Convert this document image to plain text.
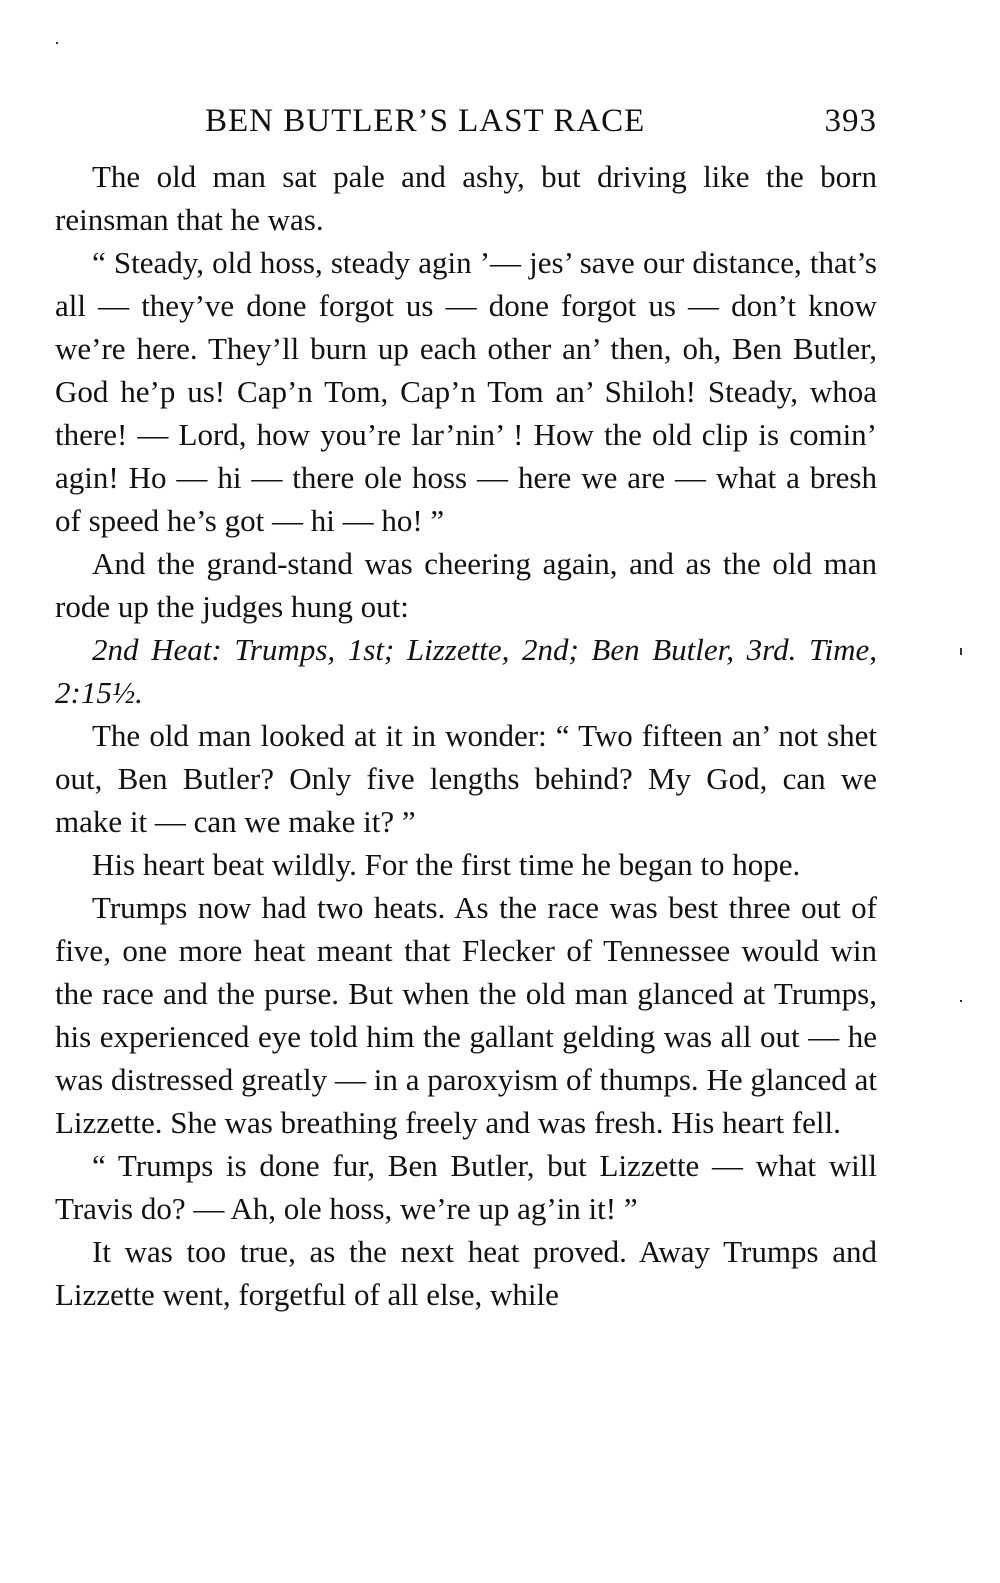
BEN BUTLER’S LAST RACE	393

The old man sat pale and ashy, but driving like the born reinsman that he was.

“ Steady, old hoss, steady agin ’— jes’ save our distance, that’s all — they’ve done forgot us — done forgot us — don’t know we’re here. They’ll burn up each other an’ then, oh, Ben Butler, God he’p us! Cap’n Tom, Cap’n Tom an’ Shiloh! Steady, whoa there! — Lord, how you’re lar’nin’ ! How the old clip is comin’ agin! Ho — hi — there ole hoss — here we are — what a bresh of speed he’s got — hi — ho! ”

And the grand-stand was cheering again, and as the old man rode up the judges hung out:

2nd Heat: Trumps, 1st; Lizzette, 2nd; Ben Butler, 3rd. Time, 2:15½.

The old man looked at it in wonder: “ Two fifteen an’ not shet out, Ben Butler? Only five lengths behind? My God, can we make it — can we make it? ”

His heart beat wildly. For the first time he began to hope.

Trumps now had two heats. As the race was best three out of five, one more heat meant that Flecker of Tennessee would win the race and the purse. But when the old man glanced at Trumps, his experienced eye told him the gallant gelding was all out — he was distressed greatly — in a paroxyism of thumps. He glanced at Lizzette. She was breathing freely and was fresh. His heart fell.

“ Trumps is done fur, Ben Butler, but Lizzette — what will Travis do? — Ah, ole hoss, we’re up ag’in it! ”

It was too true, as the next heat proved. Away Trumps and Lizzette went, forgetful of all else, while
